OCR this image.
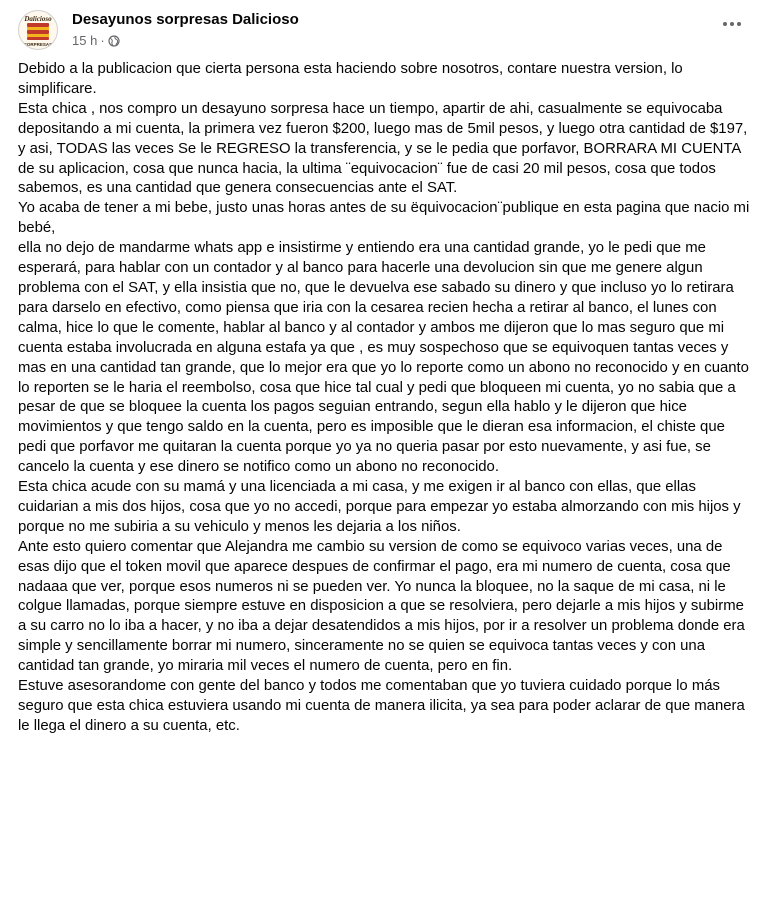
Dalicioso
SORPRESAS
Desayunos sorpresas Dalicioso
15 h ·

Debido a la publicacion que cierta persona esta haciendo sobre nosotros, contare nuestra version, lo simplificare.

Esta chica , nos compro un desayuno sorpresa hace un tiempo, apartir de ahi, casualmente se equivocaba depositando a mi cuenta, la primera vez fueron $200, luego mas de 5mil pesos, y luego otra cantidad de $197, y asi, TODAS las veces Se le REGRESO la transferencia, y se le pedia que porfavor, BORRARA MI CUENTA de su aplicacion, cosa que nunca hacia, la ultima ¨equivocacion¨ fue de casi 20 mil pesos, cosa que todos sabemos, es una cantidad que genera consecuencias ante el SAT.

Yo acaba de tener a mi bebe, justo unas horas antes de su ëquivocacion¨publique en esta pagina que nacio mi bebé,

ella no dejo de mandarme whats app e insistirme y entiendo era una cantidad grande, yo le pedi que me esperará, para hablar con un contador y al banco para hacerle una devolucion sin que me genere algun problema con el SAT, y ella insistia que no, que le devuelva ese sabado su dinero y que incluso yo lo retirara para darselo en efectivo, como piensa que iria con la cesarea recien hecha a retirar al banco, el lunes con calma, hice lo que le comente, hablar al banco y al contador y ambos me dijeron que lo mas seguro que mi cuenta estaba involucrada en alguna estafa ya que , es muy sospechoso que se equivoquen tantas veces y mas en una cantidad tan grande, que lo mejor era que yo lo reporte como un abono no reconocido y en cuanto lo reporten se le haria el reembolso, cosa que hice tal cual y pedi que bloqueen mi cuenta, yo no sabia que a pesar de que se bloquee la cuenta los pagos seguian entrando, segun ella hablo y le dijeron que hice movimientos y que tengo saldo en la cuenta, pero es imposible que le dieran esa informacion, el chiste que pedi que porfavor me quitaran la cuenta porque yo ya no queria pasar por esto nuevamente, y asi fue, se cancelo la cuenta y ese dinero se notifico como un abono no reconocido.

Esta chica acude con su mamá y una licenciada a mi casa, y me exigen ir al banco con ellas, que ellas cuidarian a mis dos hijos, cosa que yo no accedi, porque para empezar yo estaba almorzando con mis hijos y porque no me subiria a su vehiculo y menos les dejaria a los niños.

Ante esto quiero comentar que Alejandra me cambio su version de como se equivoco varias veces, una de esas dijo que el token movil que aparece despues de confirmar el pago, era mi numero de cuenta, cosa que nadaaa que ver, porque esos numeros ni se pueden ver. Yo nunca la bloquee, no la saque de mi casa, ni le colgue llamadas, porque siempre estuve en disposicion a que se resolviera, pero dejarle a mis hijos y subirme a su carro no lo iba a hacer, y no iba a dejar desatendidos a mis hijos, por ir a resolver un problema donde era simple y sencillamente borrar mi numero, sinceramente no se quien se equivoca tantas veces y con una cantidad tan grande, yo miraria mil veces el numero de cuenta, pero en fin.

Estuve asesorandome con gente del banco y todos me comentaban que yo tuviera cuidado porque lo más seguro que esta chica estuviera usando mi cuenta de manera ilicita, ya sea para poder aclarar de que manera le llega el dinero a su cuenta, etc.
